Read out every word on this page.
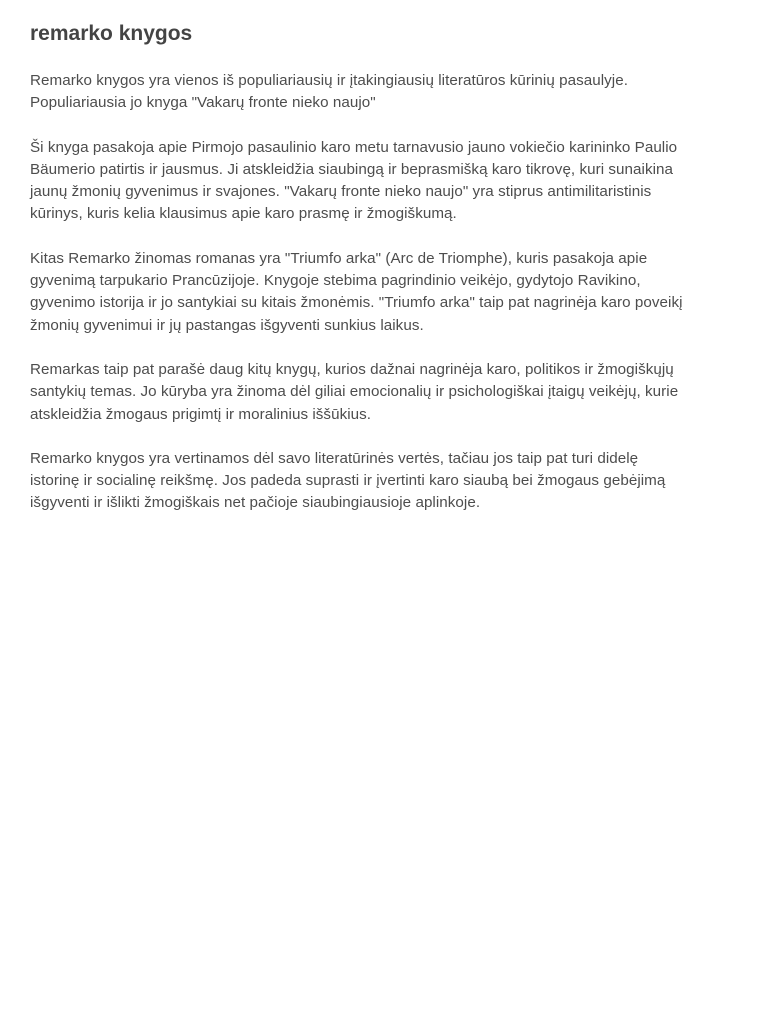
remarko knygos

Remarko knygos yra vienos iš populiariausių ir įtakingiausių literatūros kūrinių pasaulyje.
Populiariausia jo knyga "Vakarų fronte nieko naujo"

Ši knyga pasakoja apie Pirmojo pasaulinio karo metu tarnavusio jauno vokiečio karininko Paulio
Bäumerio patirtis ir jausmus. Ji atskleidžia siaubingą ir beprasmišką karo tikrovę, kuri sunaikina
jaunų žmonių gyvenimus ir svajones. "Vakarų fronte nieko naujo" yra stiprus antimilitaristinis
kūrinys, kuris kelia klausimus apie karo prasmę ir žmogiškumą.

Kitas Remarko žinomas romanas yra "Triumfo arka" (Arc de Triomphe), kuris pasakoja apie
gyvenimą tarpukario Prancūzijoje. Knygoje stebima pagrindinio veikėjo, gydytojo Ravikino,
gyvenimo istorija ir jo santykiai su kitais žmonėmis. "Triumfo arka" taip pat nagrinėja karo poveikį
žmonių gyvenimui ir jų pastangas išgyventi sunkius laikus.

Remarkas taip pat parašė daug kitų knygų, kurios dažnai nagrinėja karo, politikos ir žmogiškųjų
santykių temas. Jo kūryba yra žinoma dėl giliai emocionalių ir psichologiškai įtaigų veikėjų, kurie
atskleidžia žmogaus prigimtį ir moralinius iššūkius.

Remarko knygos yra vertinamos dėl savo literatūrinės vertės, tačiau jos taip pat turi didelę
istorinę ir socialinę reikšmę. Jos padeda suprasti ir įvertinti karo siaubą bei žmogaus gebėjimą
išgyventi ir išlikti žmogiškais net pačioje siaubingiausioje aplinkoje.
